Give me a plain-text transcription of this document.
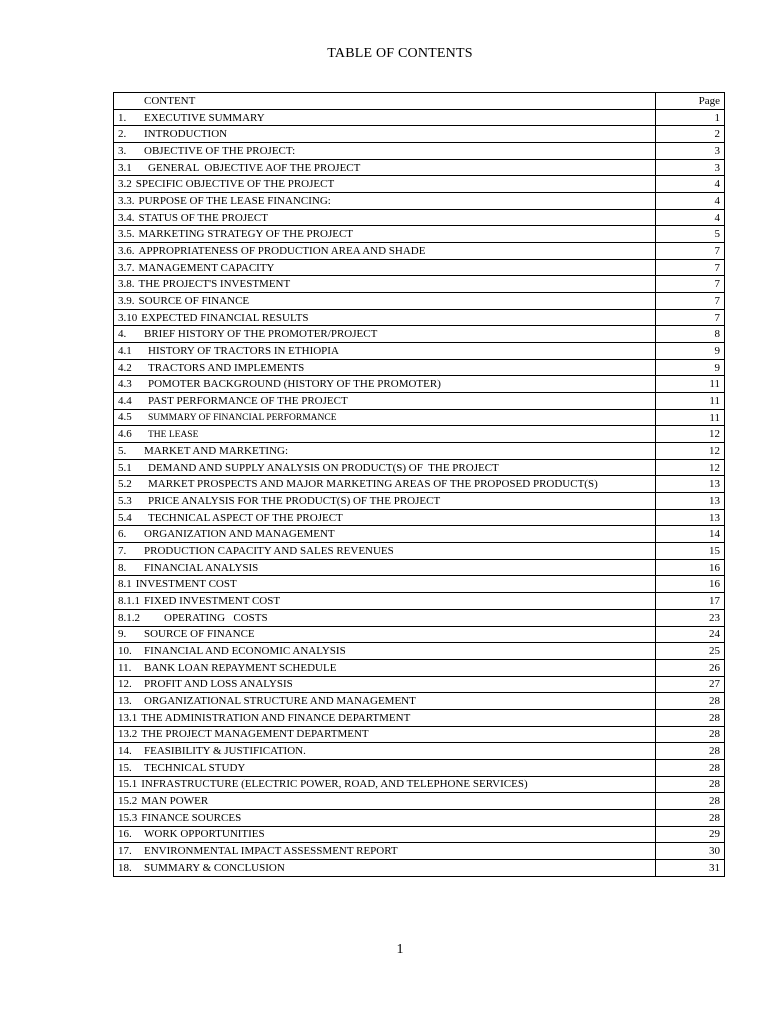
TABLE OF CONTENTS
CONTENT	Page
1. EXECUTIVE SUMMARY	1
2. INTRODUCTION	2
3. OBJECTIVE OF THE PROJECT:	3
3.1 GENERAL  OBJECTIVE AOF THE PROJECT	3
3.2 SPECIFIC OBJECTIVE OF THE PROJECT	4
3.3. PURPOSE OF THE LEASE FINANCING:	4
3.4. STATUS OF THE PROJECT	4
3.5. MARKETING STRATEGY OF THE PROJECT	5
3.6. APPROPRIATENESS OF PRODUCTION AREA AND SHADE	7
3.7. MANAGEMENT CAPACITY	7
3.8. THE PROJECT'S INVESTMENT	7
3.9. SOURCE OF FINANCE	7
3.10 EXPECTED FINANCIAL RESULTS	7
4. BRIEF HISTORY OF THE PROMOTER/PROJECT	8
4.1 HISTORY OF TRACTORS IN ETHIOPIA	9
4.2 TRACTORS AND IMPLEMENTS	9
4.3 POMOTER BACKGROUND (HISTORY OF THE PROMOTER)	11
4.4 PAST PERFORMANCE OF THE PROJECT	11
4.5 SUMMARY OF FINANCIAL PERFORMANCE	11
4.6 THE LEASE	12
5. MARKET AND MARKETING:	12
5.1 DEMAND AND SUPPLY ANALYSIS ON PRODUCT(S) OF  THE PROJECT	12
5.2 MARKET PROSPECTS AND MAJOR MARKETING AREAS OF THE PROPOSED PRODUCT(S)	13
5.3 PRICE ANALYSIS FOR THE PRODUCT(S) OF THE PROJECT	13
5.4 TECHNICAL ASPECT OF THE PROJECT	13
6. ORGANIZATION AND MANAGEMENT	14
7. PRODUCTION CAPACITY AND SALES REVENUES	15
8. FINANCIAL ANALYSIS	16
8.1 INVESTMENT COST	16
8.1.1 FIXED INVESTMENT COST	17
8.1.2 OPERATING   COSTS	23
9. SOURCE OF FINANCE	24
10. FINANCIAL AND ECONOMIC ANALYSIS	25
11. BANK LOAN REPAYMENT SCHEDULE	26
12. PROFIT AND LOSS ANALYSIS	27
13. ORGANIZATIONAL STRUCTURE AND MANAGEMENT	28
13.1 THE ADMINISTRATION AND FINANCE DEPARTMENT	28
13.2 THE PROJECT MANAGEMENT DEPARTMENT	28
14. FEASIBILITY & JUSTIFICATION.	28
15. TECHNICAL STUDY	28
15.1 INFRASTRUCTURE (ELECTRIC POWER, ROAD, AND TELEPHONE SERVICES)	28
15.2 MAN POWER	28
15.3 FINANCE SOURCES	28
16. WORK OPPORTUNITIES	29
17. ENVIRONMENTAL IMPACT ASSESSMENT REPORT	30
18. SUMMARY & CONCLUSION	31
1
